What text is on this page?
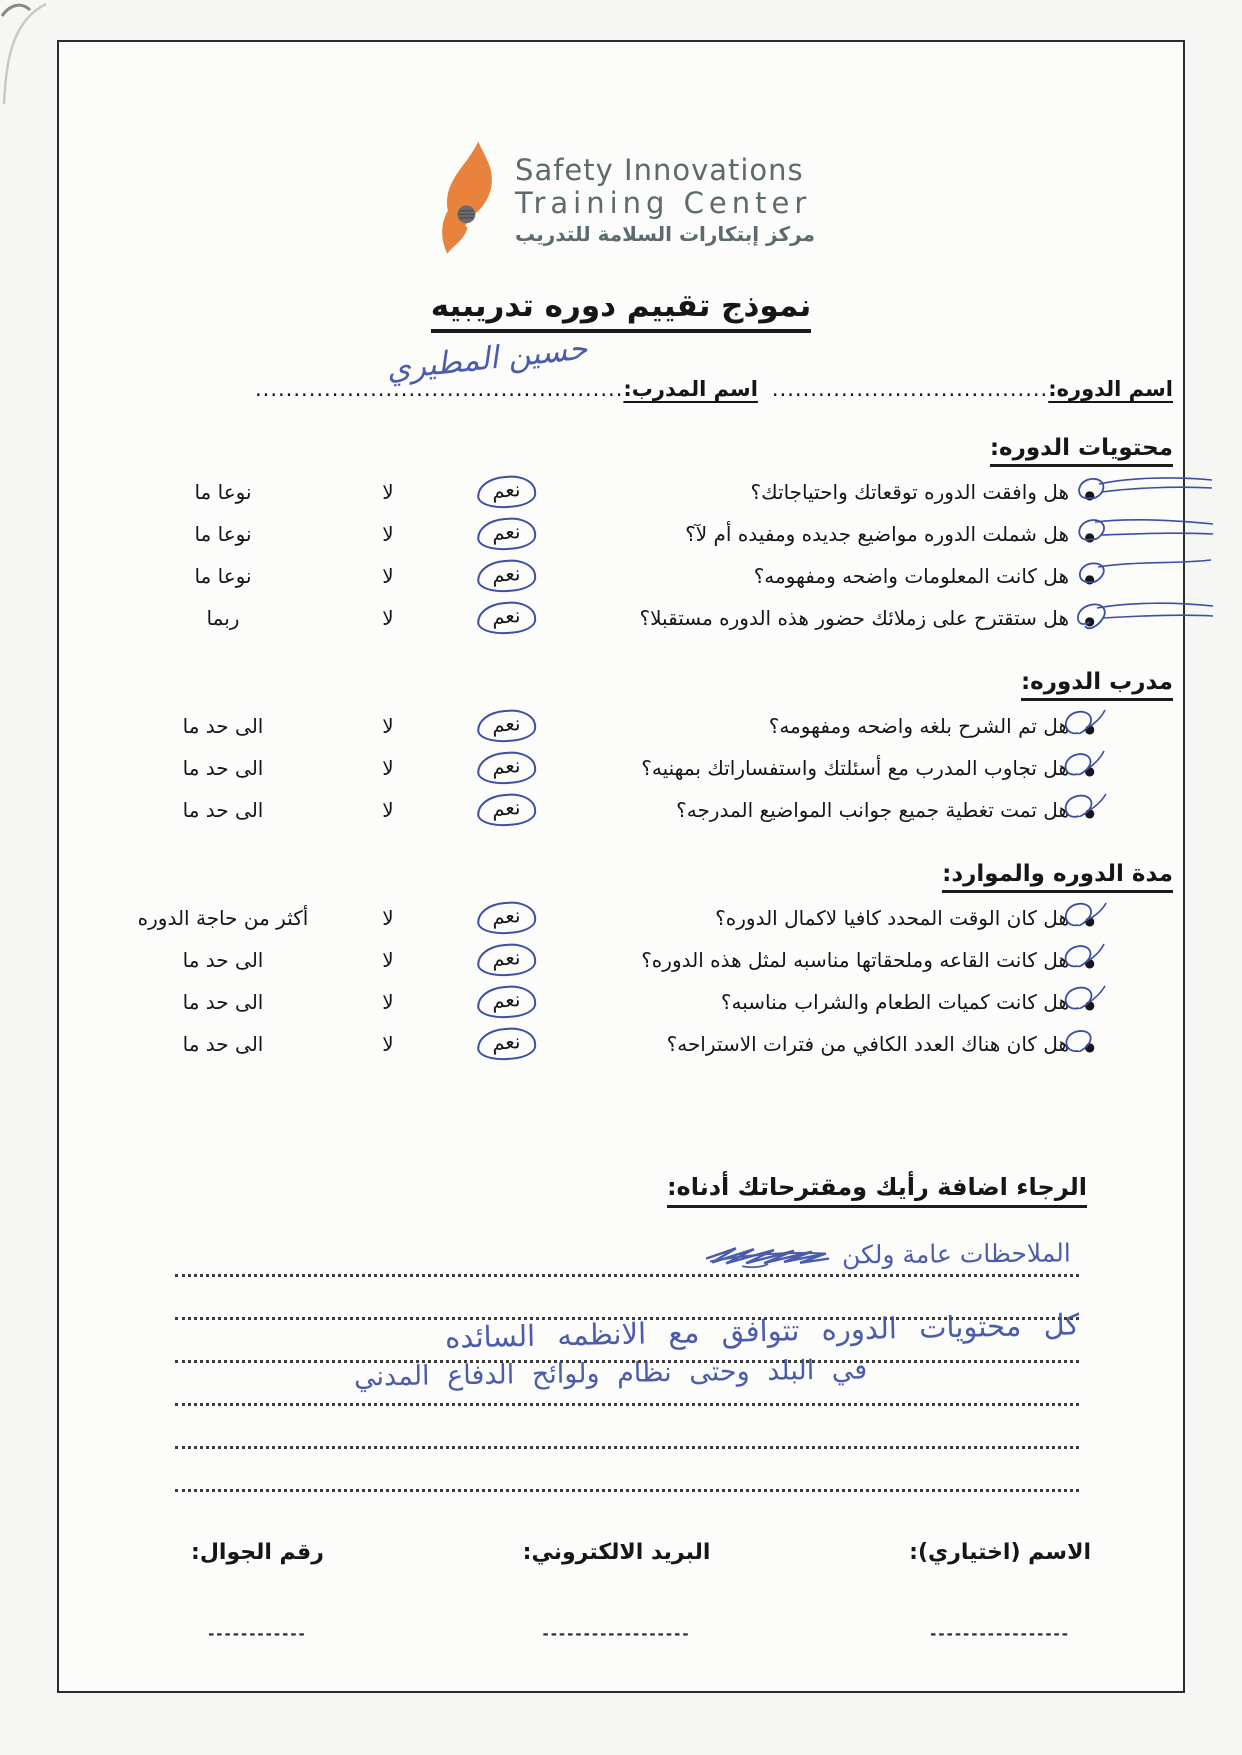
Safety Innovations
Training Center
مركز إبتكارات السلامة للتدريب
نموذج تقييم دوره تدريبيه
اسم الدوره:
....................................
اسم المدرب:
................................................
حسين المطيري
محتويات الدوره:
●
هل وافقت الدوره توقعاتك واحتياجاتك؟
نعم
لا
نوعا ما
●
هل شملت الدوره مواضيع جديده ومفيده أم لآ؟
نعم
لا
نوعا ما
●
هل كانت المعلومات واضحه ومفهومه؟
نعم
لا
نوعا ما
●
هل ستقترح على زملائك حضور هذه الدوره مستقبلا؟
نعم
لا
ربما
مدرب الدوره:
●
هل تم الشرح بلغه واضحه ومفهومه؟
نعم
لا
الى حد ما
●
هل تجاوب المدرب مع أسئلتك واستفساراتك بمهنيه؟
نعم
لا
الى حد ما
●
هل تمت تغطية جميع جوانب المواضيع المدرجه؟
نعم
لا
الى حد ما
مدة الدوره والموارد:
●
هل كان الوقت المحدد كافيا لاكمال الدوره؟
نعم
لا
أكثر من حاجة الدوره
●
هل كانت القاعه وملحقاتها مناسبه لمثل هذه الدوره؟
نعم
لا
الى حد ما
●
هل كانت كميات الطعام والشراب مناسبه؟
نعم
لا
الى حد ما
●
هل كان هناك العدد الكافي من فترات الاستراحه؟
نعم
لا
الى حد ما
الرجاء اضافة رأيك ومقترحاتك أدناه:
الملاحظات عامة ولكن
كل محتويات الدوره تتوافق مع الانظمه السائده
في البلد وحتى نظام ولوائح الدفاع المدني
الاسم (اختياري):
-----------------
البريد الالكتروني:
------------------
رقم الجوال:
------------
